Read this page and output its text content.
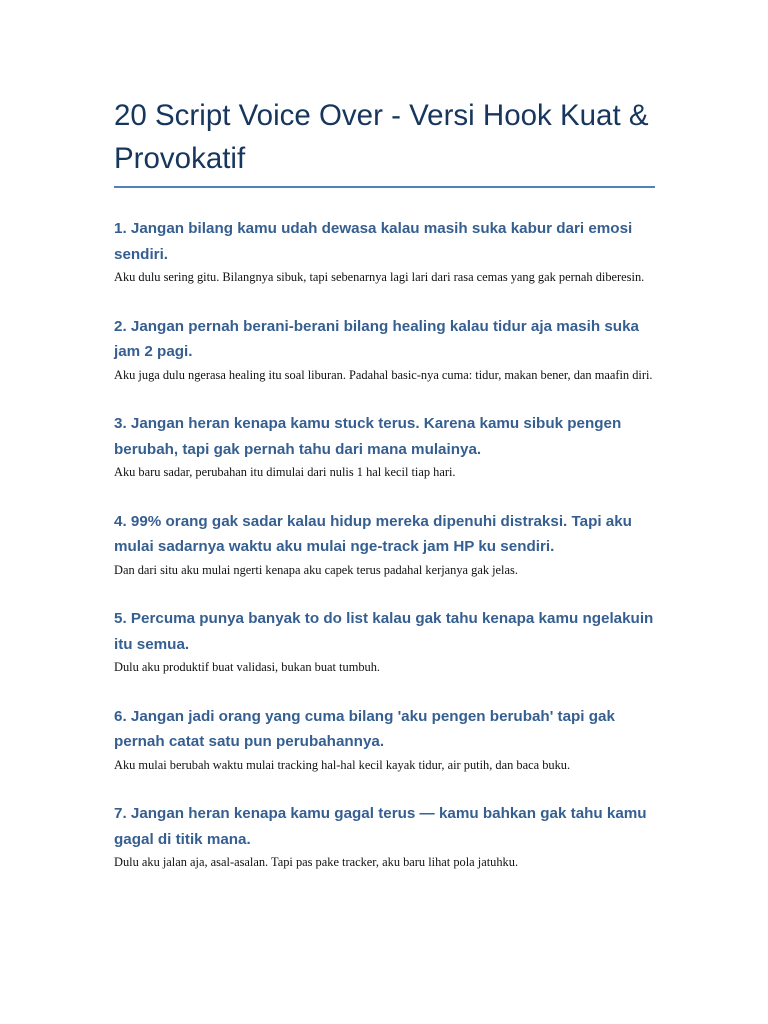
20 Script Voice Over - Versi Hook Kuat & Provokatif

1. Jangan bilang kamu udah dewasa kalau masih suka kabur dari emosi sendiri.

Aku dulu sering gitu. Bilangnya sibuk, tapi sebenarnya lagi lari dari rasa cemas yang gak pernah diberesin.

2. Jangan pernah berani-berani bilang healing kalau tidur aja masih suka jam 2 pagi.

Aku juga dulu ngerasa healing itu soal liburan. Padahal basic-nya cuma: tidur, makan bener, dan maafin diri.

3. Jangan heran kenapa kamu stuck terus. Karena kamu sibuk pengen berubah, tapi gak pernah tahu dari mana mulainya.

Aku baru sadar, perubahan itu dimulai dari nulis 1 hal kecil tiap hari.

4. 99% orang gak sadar kalau hidup mereka dipenuhi distraksi. Tapi aku mulai sadarnya waktu aku mulai nge-track jam HP ku sendiri.

Dan dari situ aku mulai ngerti kenapa aku capek terus padahal kerjanya gak jelas.

5. Percuma punya banyak to do list kalau gak tahu kenapa kamu ngelakuin itu semua.

Dulu aku produktif buat validasi, bukan buat tumbuh.

6. Jangan jadi orang yang cuma bilang 'aku pengen berubah' tapi gak pernah catat satu pun perubahannya.

Aku mulai berubah waktu mulai tracking hal-hal kecil kayak tidur, air putih, dan baca buku.

7. Jangan heran kenapa kamu gagal terus — kamu bahkan gak tahu kamu gagal di titik mana.

Dulu aku jalan aja, asal-asalan. Tapi pas pake tracker, aku baru lihat pola jatuhku.
